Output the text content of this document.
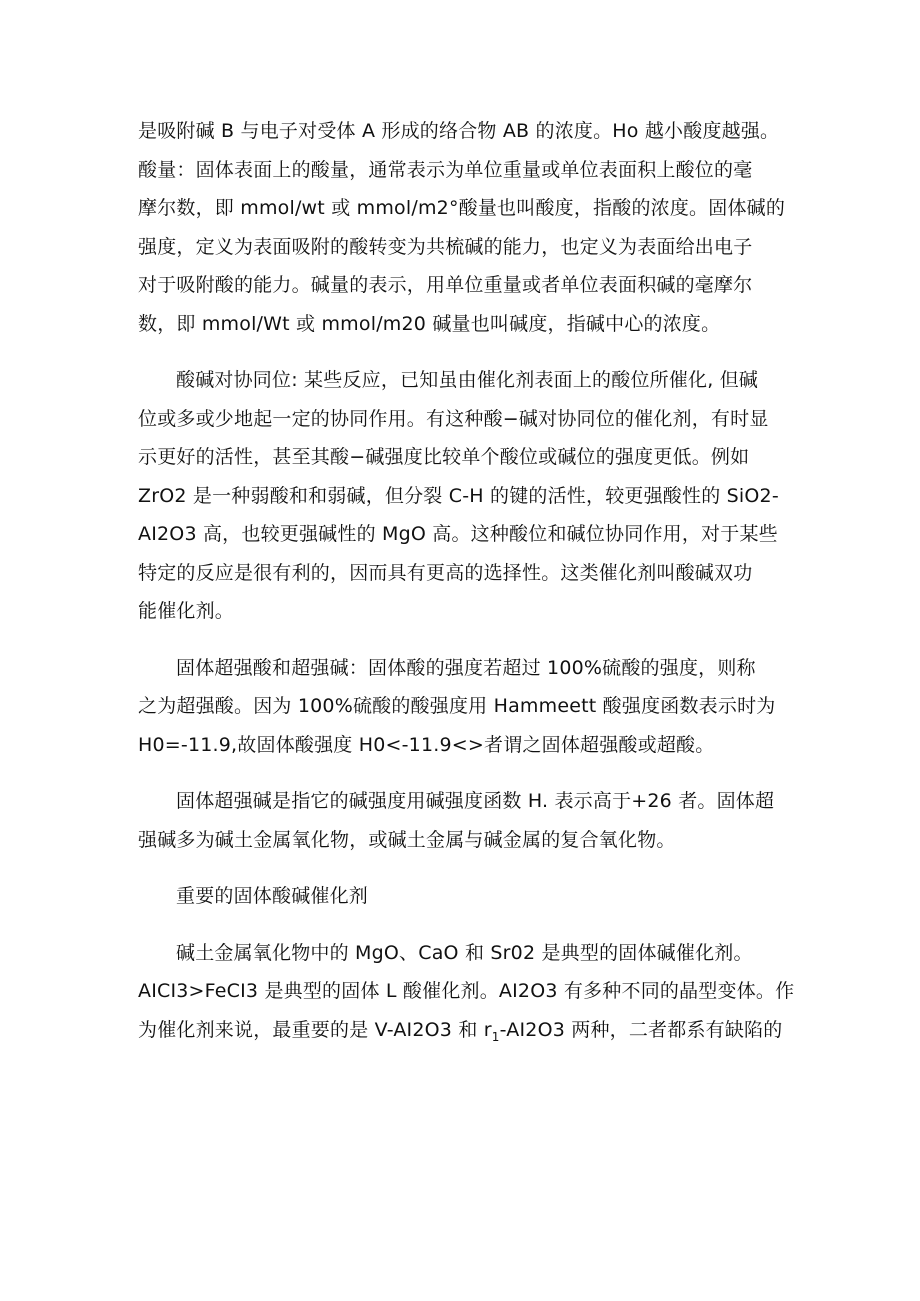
是吸附碱 B 与电子对受体 A 形成的络合物 AB 的浓度。Ho 越小酸度越强。
酸量：固体表面上的酸量，通常表示为单位重量或单位表面积上酸位的毫
摩尔数，即 mmol/wt 或 mmol∕m2°酸量也叫酸度，指酸的浓度。固体碱的
强度，定义为表面吸附的酸转变为共梳碱的能力，也定义为表面给出电子
对于吸附酸的能力。碱量的表示，用单位重量或者单位表面积碱的毫摩尔
数，即 mmol∕Wt 或 mmol∕m20 碱量也叫碱度，指碱中心的浓度。
酸碱对协同位: 某些反应，已知虽由催化剂表面上的酸位所催化, 但碱
位或多或少地起一定的协同作用。有这种酸−碱对协同位的催化剂，有时显
示更好的活性，甚至其酸−碱强度比较单个酸位或碱位的强度更低。例如
ZrO2 是一种弱酸和和弱碱，但分裂 C-H 的键的活性，较更强酸性的 SiO2-
AI2O3 高，也较更强碱性的 MgO 高。这种酸位和碱位协同作用，对于某些
特定的反应是很有利的，因而具有更高的选择性。这类催化剂叫酸碱双功
能催化剂。
固体超强酸和超强碱：固体酸的强度若超过 100%硫酸的强度，则称
之为超强酸。因为 100%硫酸的酸强度用 Hammeett 酸强度函数表示时为
H0=-11.9,故固体酸强度 H0<-11.9<>者谓之固体超强酸或超酸。
固体超强碱是指它的碱强度用碱强度函数 H. 表示高于+26 者。固体超
强碱多为碱土金属氧化物，或碱土金属与碱金属的复合氧化物。
重要的固体酸碱催化剂
碱土金属氧化物中的 MgO、CaO 和 Sr02 是典型的固体碱催化剂。
AICI3>FeCI3 是典型的固体 L 酸催化剂。AI2O3 有多种不同的晶型变体。作
为催化剂来说，最重要的是 V-AI2O3 和 $r_1-AI2O3$ 两种，二者都系有缺陷的
